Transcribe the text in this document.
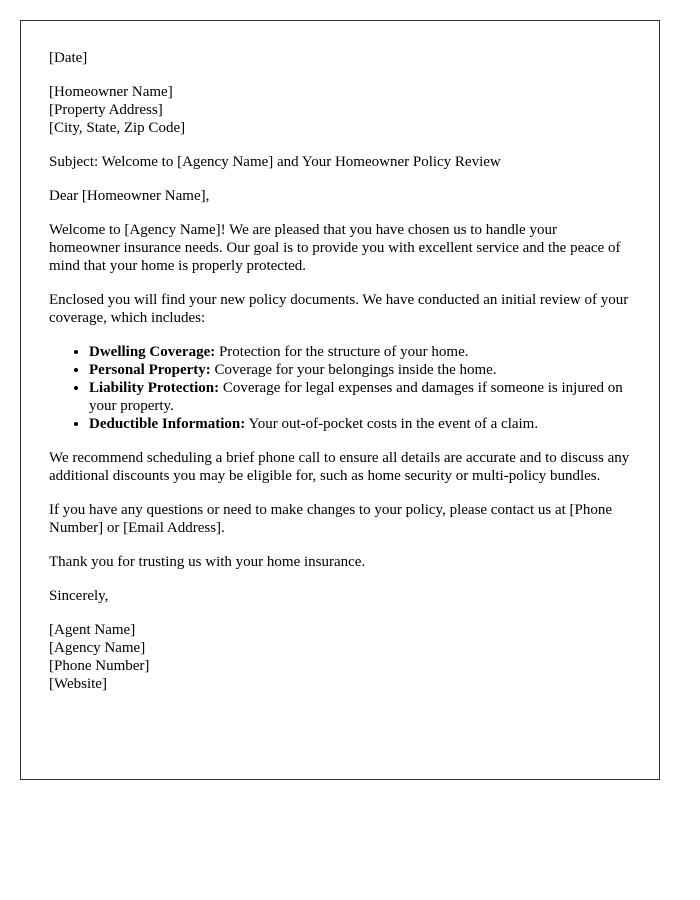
[Date]

[Homeowner Name]
[Property Address]
[City, State, Zip Code]

Subject: Welcome to [Agency Name] and Your Homeowner Policy Review

Dear [Homeowner Name],

Welcome to [Agency Name]! We are pleased that you have chosen us to handle your homeowner insurance needs. Our goal is to provide you with excellent service and the peace of mind that your home is properly protected.

Enclosed you will find your new policy documents. We have conducted an initial review of your coverage, which includes:

• Dwelling Coverage: Protection for the structure of your home.
• Personal Property: Coverage for your belongings inside the home.
• Liability Protection: Coverage for legal expenses and damages if someone is injured on your property.
• Deductible Information: Your out-of-pocket costs in the event of a claim.

We recommend scheduling a brief phone call to ensure all details are accurate and to discuss any additional discounts you may be eligible for, such as home security or multi-policy bundles.

If you have any questions or need to make changes to your policy, please contact us at [Phone Number] or [Email Address].

Thank you for trusting us with your home insurance.

Sincerely,

[Agent Name]
[Agency Name]
[Phone Number]
[Website]
